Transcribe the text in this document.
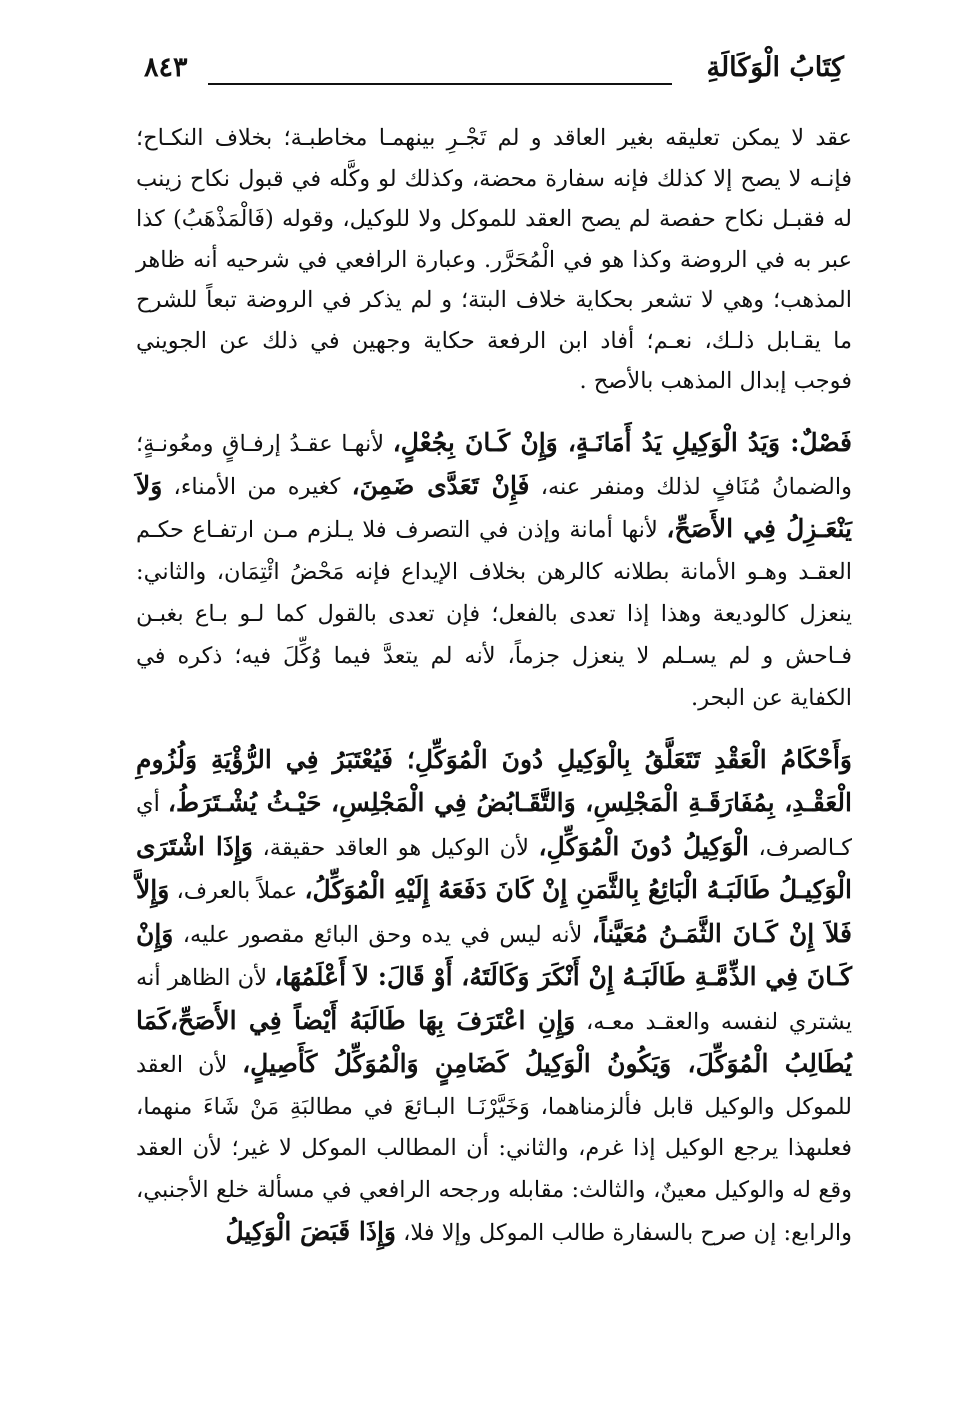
كِتَابُ الْوَكَالَةِ
٨٤٣

عقد لا يمكن تعليقه بغير العاقد و لم تَجْـرِ بينهمـا مخاطبـة؛ بخلاف النكـاح؛ فإنـه لا يصح إلا كذلك فإنه سفارة محضة، وكذلك لو وكَّله في قبول نكاح زينب له فقبـل نكاح حفصة لم يصح العقد للموكل ولا للوكيل، وقوله (فَالْمَذْهَبُ) كذا عبر به في الروضة وكذا هو في الْمُحَرَّر. وعبارة الرافعي في شرحيه أنه ظاهر المذهب؛ وهي لا تشعر بحكاية خلاف البتة؛ و لم يذكر في الروضة تبعاً للشرح ما يقـابل ذلـك، نعـم؛ أفاد ابن الرفعة حكاية وجهين في ذلك عن الجويني فوجب إبدال المذهب بالأصح .

فَصْلٌ: وَيَدُ الْوَكِيلِ يَدُ أَمَانَـةٍ، وَإِنْ كَـانَ بِجُعْلٍ، لأنهـا عقـدُ إرفـاقٍ ومعُونـةٍ؛ والضمانُ مُنَافٍ لذلك ومنفر عنه، فَإِنْ تَعَدَّى ضَمِنَ، كغيره من الأمناء، وَلاَ يَنْعَـزِلُ فِي الأَصَحِّ، لأنها أمانة وإذن في التصرف فلا يـلزم مـن ارتفـاع حكـم العقـد وهـو الأمانة بطلانه كالرهن بخلاف الإيداع فإنه مَحْضُ ائْتِمَان، والثاني: ينعزل كالوديعة وهذا إذا تعدى بالفعل؛ فإن تعدى بالقول كما لـو بـاع بغبـن فـاحش و لم يسـلم لا ينعزل جزماً، لأنه لم يتعدَّ فيما وُكِّلَ فيه؛ ذكره في الكفاية عن البحر.

وَأَحْكَامُ الْعَقْدِ تَتَعَلَّقُ بِالْوَكِيلِ دُونَ الْمُوَكِّلِ؛ فَيُعْتَبَرُ فِي الرُّؤْيَةِ وَلُزُومِ الْعَقْـدِ، بِمُفَارَقَـةِ الْمَجْلِسِ، وَالتَّقَـابُضُ فِي الْمَجْلِسِ، حَيْـثُ يُشْـتَرَطُ، أي كـالصرف، الْوَكِيلُ دُونَ الْمُوَكِّلِ، لأن الوكيل هو العاقد حقيقة، وَإِذَا اشْتَرَى الْوَكِيـلُ طَالَبَـهُ الْبَائِعُ بِالثَّمَنِ إِنْ كَانَ دَفَعَهُ إِلَيْهِ الْمُوَكِّلُ، عملاً بالعرف، وَإِلاَّ فَلاَ إِنْ كَـانَ الثَّمَـنُ مُعَيَّناً، لأنه ليس في يده وحق البائع مقصور عليه، وَإِنْ كَـانَ فِي الذِّمَّـةِ طَالَبَـهُ إِنْ أَنْكَرَ وَكَالَتَهُ، أَوْ قَالَ: لاَ أَعْلَمُهَا، لأن الظاهر أنه يشتري لنفسه والعقـد معـه، وَإِنِ اعْتَرَفَ بِهَا طَالَبَهُ أَيْضاً فِي الأَصَحِّ،كَمَا يُطَالِبُ الْمُوَكِّلَ، وَيَكُونُ الْوَكِيلُ كَضَامِنٍ وَالْمُوَكِّلُ كَأَصِيلٍ، لأن العقد للموكل والوكيل قابل فألزمناهما، وَخَيَّرْنَـا البـائعَ في مطالبَةِ مَنْ شَاءَ منهما، فعلىهذا يرجع الوكيل إذا غرم، والثاني: أن المطالب الموكل لا غير؛ لأن العقد وقع له والوكيل معينٌ، والثالث: مقابله ورجحه الرافعي في مسألة خلع الأجنبي، والرابع: إن صرح بالسفارة طالب الموكل وإلا فلا، وَإِذَا قَبَضَ الْوَكِيلُ
